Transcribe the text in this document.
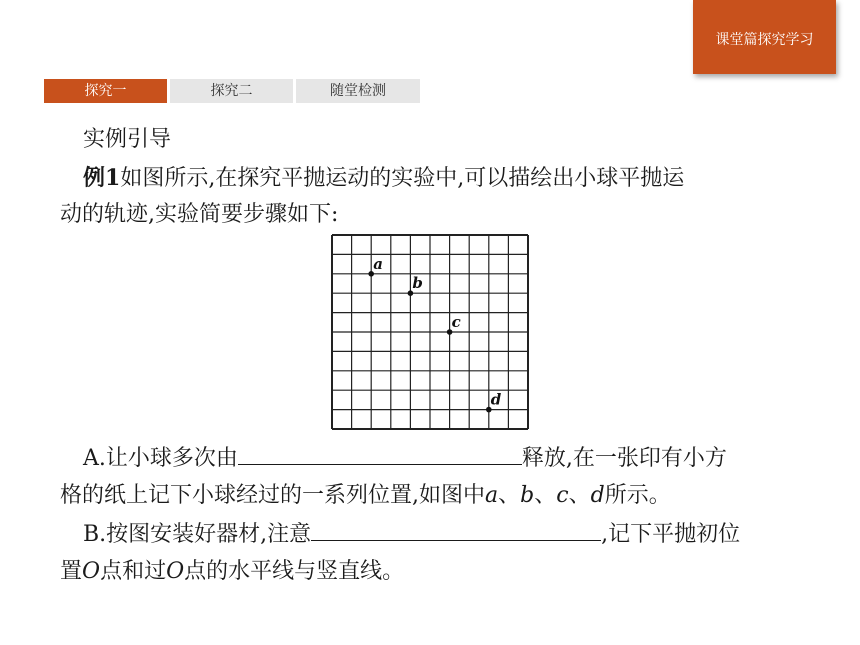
课堂篇探究学习
探究一	探究二	随堂检测
实例引导
例1如图所示,在探究平抛运动的实验中,可以描绘出小球平抛运
动的轨迹,实验简要步骤如下:
a
b
c
d
A.让小球多次由	释放,在一张印有小方
格的纸上记下小球经过的一系列位置,如图中a、b、c、d所示。
B.按图安装好器材,注意	,记下平抛初位
置O点和过O点的水平线与竖直线。
